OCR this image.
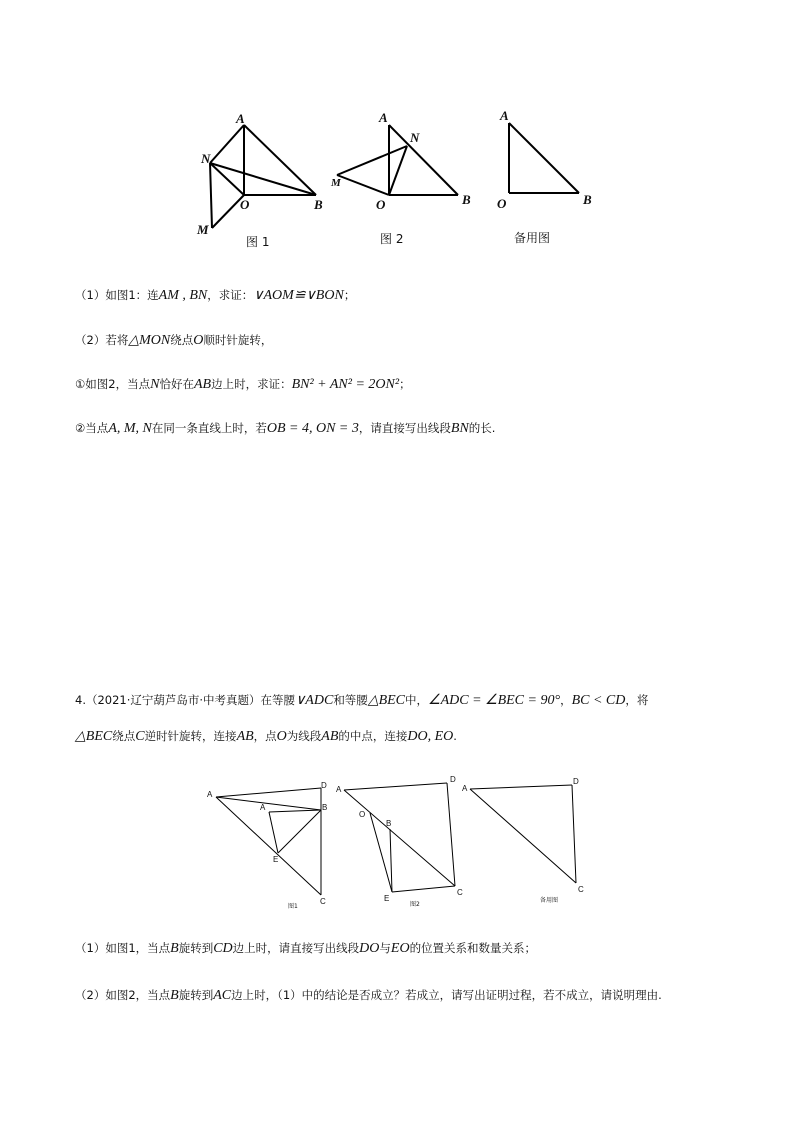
A
N
M
O	B
图 1
A
N
M
O	B
图 2
A
O	B
备用图
（1）如图1：连AM , BN，求证：∨AOM≌∨BON；
（2）若将△MON绕点O顺时针旋转，
①如图2，当点N恰好在AB边上时，求证：BN² + AN² = 2ON²；
②当点A, M, N在同一条直线上时，若OB = 4, ON = 3，请直接写出线段BN的长.
4.（2021·辽宁葫芦岛市·中考真题）在等腰∨ADC和等腰△BEC中，∠ADC = ∠BEC = 90°，BC < CD，将
△BEC绕点C逆时针旋转，连接AB，点O为线段AB的中点，连接DO, EO.
A
A
D
B
E
C
图1
A
D
O
B
E
C
图2
A
D
C
备用图
（1）如图1，当点B旋转到CD边上时，请直接写出线段DO与EO的位置关系和数量关系；
（2）如图2，当点B旋转到AC边上时，（1）中的结论是否成立？若成立，请写出证明过程，若不成立，请说明理由.
